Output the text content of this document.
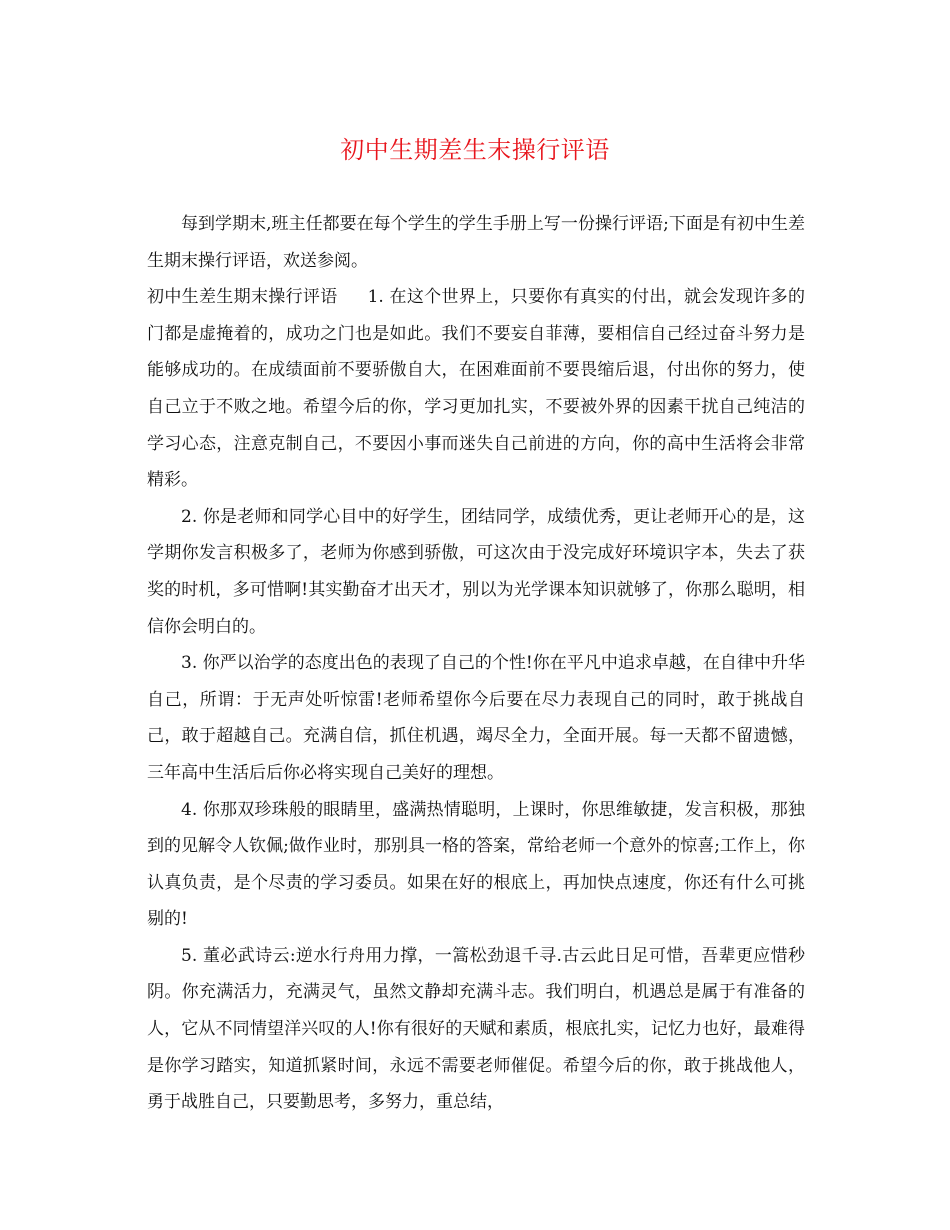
初中生期差生末操行评语

每到学期末,班主任都要在每个学生的学生手册上写一份操行评语;下面是有初中生差生期末操行评语，欢送参阅。

初中生差生期末操行评语 1. 在这个世界上，只要你有真实的付出，就会发现许多的门都是虚掩着的，成功之门也是如此。我们不要妄自菲薄，要相信自己经过奋斗努力是能够成功的。在成绩面前不要骄傲自大，在困难面前不要畏缩后退，付出你的努力，使自己立于不败之地。希望今后的你，学习更加扎实，不要被外界的因素干扰自己纯洁的学习心态，注意克制自己，不要因小事而迷失自己前进的方向，你的高中生活将会非常精彩。

2. 你是老师和同学心目中的好学生，团结同学，成绩优秀，更让老师开心的是，这学期你发言积极多了，老师为你感到骄傲，可这次由于没完成好环境识字本，失去了获奖的时机，多可惜啊!其实勤奋才出天才，别以为光学课本知识就够了，你那么聪明，相信你会明白的。

3. 你严以治学的态度出色的表现了自己的个性!你在平凡中追求卓越，在自律中升华自己，所谓：于无声处听惊雷!老师希望你今后要在尽力表现自己的同时，敢于挑战自己，敢于超越自己。充满自信，抓住机遇，竭尽全力，全面开展。每一天都不留遗憾，三年高中生活后后你必将实现自己美好的理想。

4. 你那双珍珠般的眼睛里，盛满热情聪明，上课时，你思维敏捷，发言积极，那独到的见解令人钦佩;做作业时，那别具一格的答案，常给老师一个意外的惊喜;工作上，你认真负责，是个尽责的学习委员。如果在好的根底上，再加快点速度，你还有什么可挑剔的!

5. 董必武诗云:逆水行舟用力撑，一篙松劲退千寻.古云此日足可惜，吾辈更应惜秒阴。你充满活力，充满灵气，虽然文静却充满斗志。我们明白，机遇总是属于有准备的人，它从不同情望洋兴叹的人!你有很好的天赋和素质，根底扎实，记忆力也好，最难得是你学习踏实，知道抓紧时间，永远不需要老师催促。希望今后的你，敢于挑战他人，勇于战胜自己，只要勤思考，多努力，重总结，
